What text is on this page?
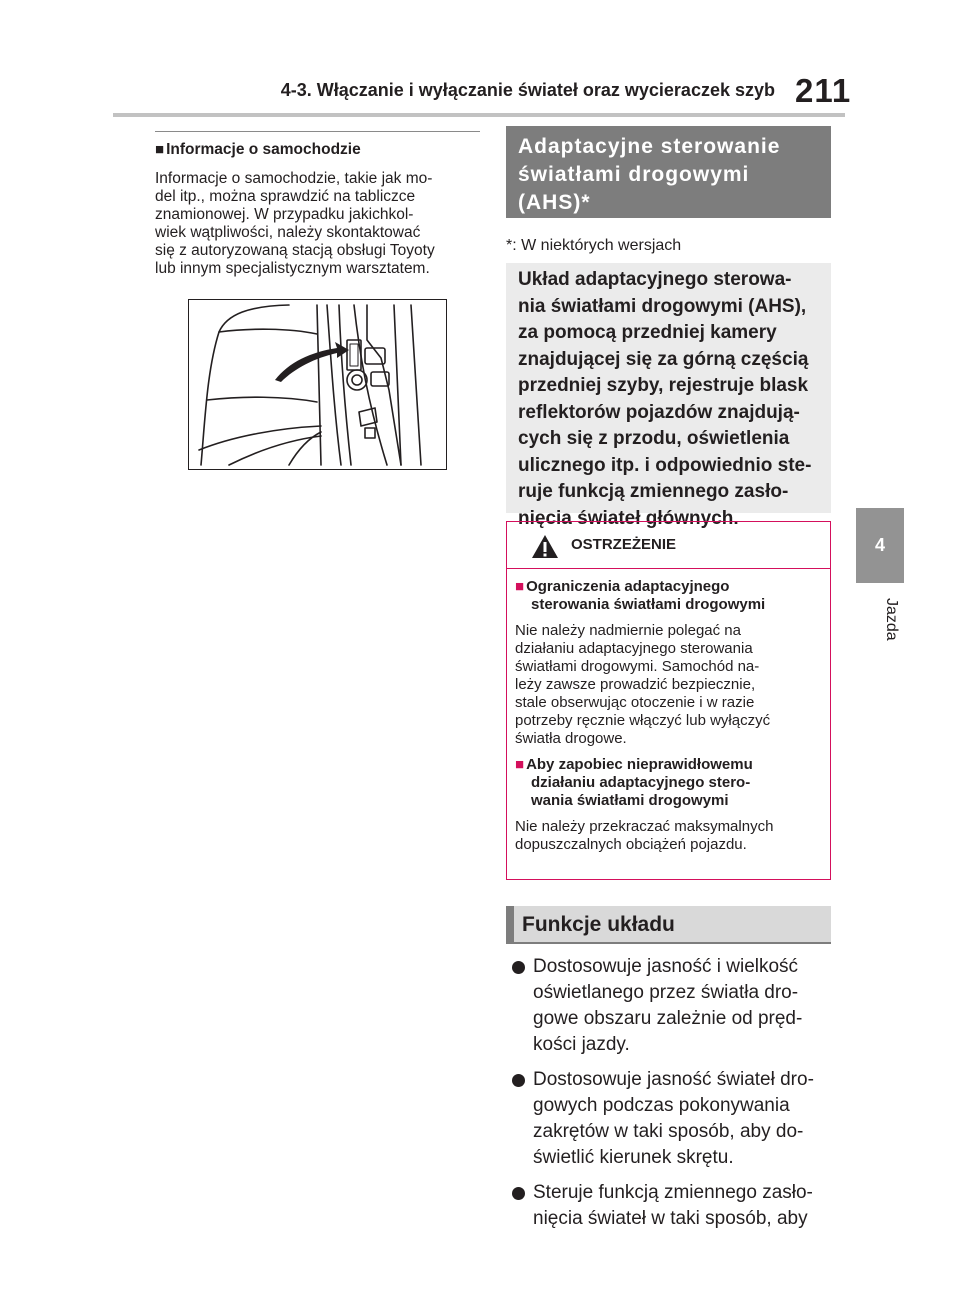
4-3. Włączanie i wyłączanie świateł oraz wycieraczek szyb 211
4
Jazda

■ Informacje o samochodzie

Informacje o samochodzie, takie jak mo-
del itp., można sprawdzić na tabliczce
znamionowej. W przypadku jakichkol-
wiek wątpliwości, należy skontaktować
się z autoryzowaną stacją obsługi Toyoty
lub innym specjalistycznym warsztatem.

Adaptacyjne sterowanie
światłami drogowymi
(AHS)*
*: W niektórych wersjach
Układ adaptacyjnego sterowa-
nia światłami drogowymi (AHS),
za pomocą przedniej kamery
znajdującej się za górną częścią
przedniej szyby, rejestruje blask
reflektorów pojazdów znajdują-
cych się z przodu, oświetlenia
ulicznego itp. i odpowiednio ste-
ruje funkcją zmiennego zasło-
nięcia świateł głównych.
OSTRZEŻENIE

■ Ograniczenia adaptacyjnego
sterowania światłami drogowymi

Nie należy nadmiernie polegać na
działaniu adaptacyjnego sterowania
światłami drogowymi. Samochód na-
leży zawsze prowadzić bezpiecznie,
stale obserwując otoczenie i w razie
potrzeby ręcznie włączyć lub wyłączyć
światła drogowe.

■ Aby zapobiec nieprawidłowemu
działaniu adaptacyjnego stero-
wania światłami drogowymi

Nie należy przekraczać maksymalnych
dopuszczalnych obciążeń pojazdu.

Funkcje układu
Dostosowuje jasność i wielkość
oświetlanego przez światła dro-
gowe obszaru zależnie od pręd-
kości jazdy.
Dostosowuje jasność świateł dro-
gowych podczas pokonywania
zakrętów w taki sposób, aby do-
świetlić kierunek skrętu.
Steruje funkcją zmiennego zasło-
nięcia świateł w taki sposób, aby
